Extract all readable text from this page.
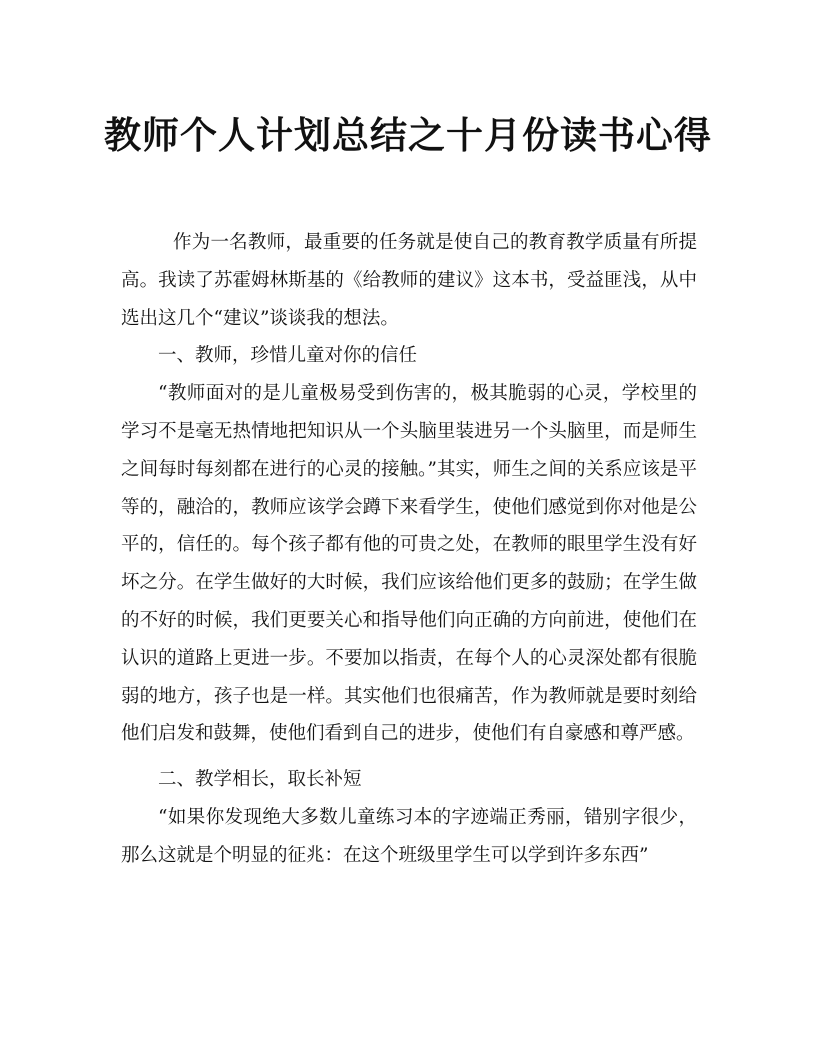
教师个人计划总结之十月份读书心得

作为一名教师，最重要的任务就是使自己的教育教学质量有所提高。我读了苏霍姆林斯基的《给教师的建议》这本书，受益匪浅，从中选出这几个“建议”谈谈我的想法。

一、教师，珍惜儿童对你的信任

“教师面对的是儿童极易受到伤害的，极其脆弱的心灵，学校里的学习不是毫无热情地把知识从一个头脑里装进另一个头脑里，而是师生之间每时每刻都在进行的心灵的接触。”其实，师生之间的关系应该是平等的，融洽的，教师应该学会蹲下来看学生，使他们感觉到你对他是公平的，信任的。每个孩子都有他的可贵之处，在教师的眼里学生没有好坏之分。在学生做好的大时候，我们应该给他们更多的鼓励；在学生做的不好的时候，我们更要关心和指导他们向正确的方向前进，使他们在认识的道路上更进一步。不要加以指责，在每个人的心灵深处都有很脆弱的地方，孩子也是一样。其实他们也很痛苦，作为教师就是要时刻给他们启发和鼓舞，使他们看到自己的进步，使他们有自豪感和尊严感。

二、教学相长，取长补短

“如果你发现绝大多数儿童练习本的字迹端正秀丽，错别字很少，那么这就是个明显的征兆：在这个班级里学生可以学到许多东西”
